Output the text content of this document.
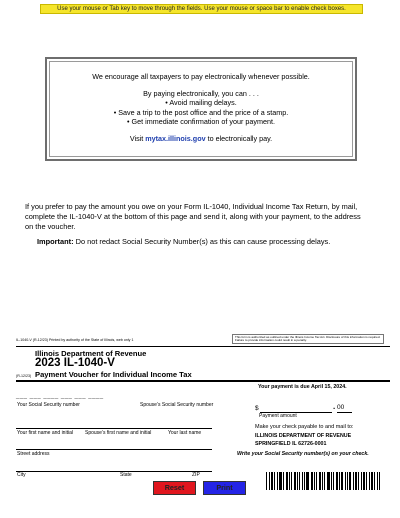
Use your mouse or Tab key to move through the fields. Use your mouse or space bar to enable check boxes.
We encourage all taxpayers to pay electronically whenever possible.
By paying electronically, you can . . .
• Avoid mailing delays.
• Save a trip to the post office and the price of a stamp.
• Get immediate confirmation of your payment.
Visit mytax.illinois.gov to electronically pay.
If you prefer to pay the amount you owe on your Form IL-1040, Individual Income Tax Return, by mail, complete the IL-1040-V at the bottom of this page and send it, along with your payment, to the address on the voucher.
Important: Do not redact Social Security Number(s) as this can cause processing delays.
IL-1040-V (R-12/23) Printed by authority of the State of Illinois, web only 1
This form is authorized as outlined under the Illinois Income Tax Act. Disclosure of this information is required. Failure to provide information could result in a penalty.
Illinois Department of Revenue
2023 IL-1040-V
Payment Voucher for Individual Income Tax
(R-12/23)
Your payment is due April 15, 2024.
___ ___ ____ ___ ___ ____
Your Social Security number	Spouse’s Social Security number	$	. 00
Payment amount
Your first name and initial Spouse’s first name and initial	Your last name
Make your check payable to and mail to:
ILLINOIS DEPARTMENT OF REVENUE
SPRINGFIELD IL 62726-0001
Street address	Write your Social Security number(s) on your check.
City	State	ZIP
Reset	Print
